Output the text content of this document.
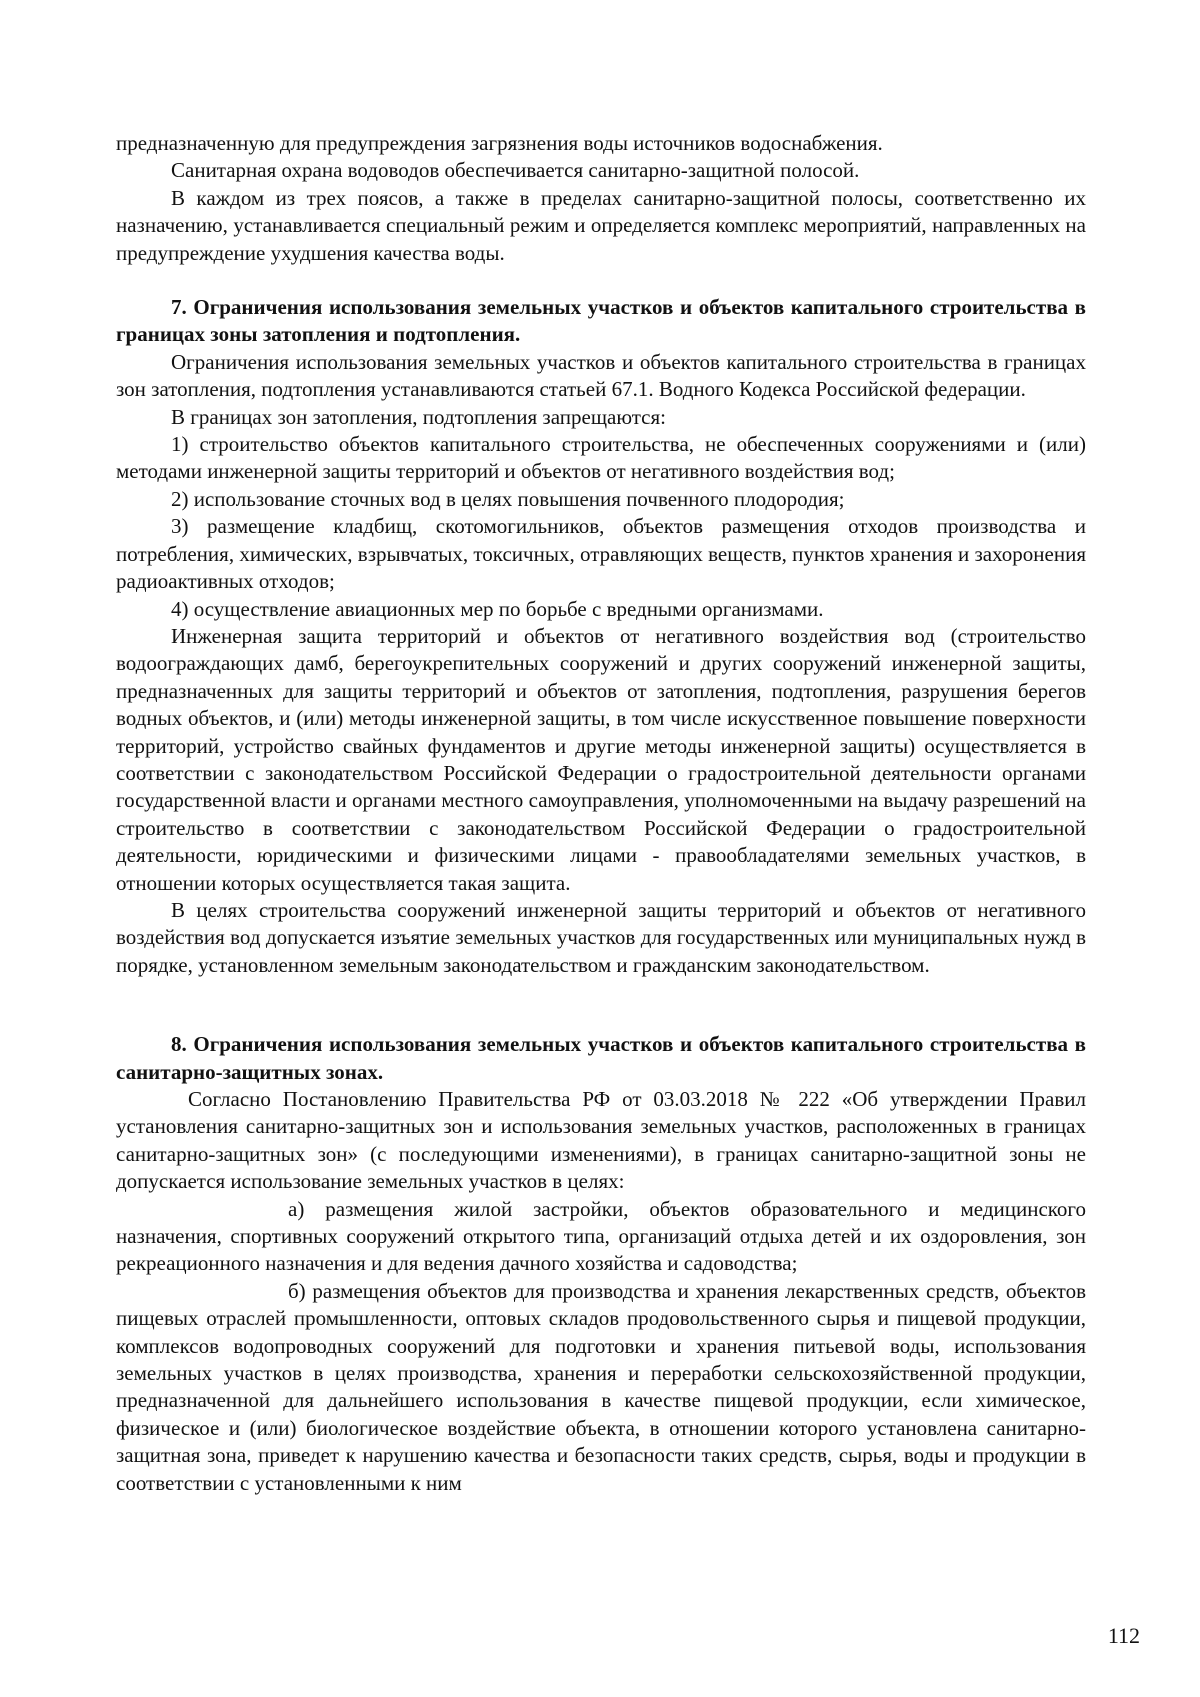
предназначенную для предупреждения загрязнения воды источников водоснабжения.

Санитарная охрана водоводов обеспечивается санитарно-защитной полосой.

В каждом из трех поясов, а также в пределах санитарно-защитной полосы, соответственно их назначению, устанавливается специальный режим и определяется комплекс мероприятий, направленных на предупреждение ухудшения качества воды.

7. Ограничения использования земельных участков и объектов капитального строительства в границах зоны затопления и подтопления.

Ограничения использования земельных участков и объектов капитального строительства в границах зон затопления, подтопления устанавливаются статьей 67.1. Водного Кодекса Российской федерации.

В границах зон затопления, подтопления запрещаются:

1) строительство объектов капитального строительства, не обеспеченных сооружениями и (или) методами инженерной защиты территорий и объектов от негативного воздействия вод;

2) использование сточных вод в целях повышения почвенного плодородия;

3) размещение кладбищ, скотомогильников, объектов размещения отходов производства и потребления, химических, взрывчатых, токсичных, отравляющих веществ, пунктов хранения и захоронения радиоактивных отходов;

4) осуществление авиационных мер по борьбе с вредными организмами.

Инженерная защита территорий и объектов от негативного воздействия вод (строительство водоограждающих дамб, берегоукрепительных сооружений и других сооружений инженерной защиты, предназначенных для защиты территорий и объектов от затопления, подтопления, разрушения берегов водных объектов, и (или) методы инженерной защиты, в том числе искусственное повышение поверхности территорий, устройство свайных фундаментов и другие методы инженерной защиты) осуществляется в соответствии с законодательством Российской Федерации о градостроительной деятельности органами государственной власти и органами местного самоуправления, уполномоченными на выдачу разрешений на строительство в соответствии с законодательством Российской Федерации о градостроительной деятельности, юридическими и физическими лицами - правообладателями земельных участков, в отношении которых осуществляется такая защита.

В целях строительства сооружений инженерной защиты территорий и объектов от негативного воздействия вод допускается изъятие земельных участков для государственных или муниципальных нужд в порядке, установленном земельным законодательством и гражданским законодательством.

8. Ограничения использования земельных участков и объектов капитального строительства в санитарно-защитных зонах.

Согласно Постановлению Правительства РФ от 03.03.2018 № 222 «Об утверждении Правил установления санитарно-защитных зон и использования земельных участков, расположенных в границах санитарно-защитных зон» (с последующими изменениями), в границах санитарно-защитной зоны не допускается использование земельных участков в целях:

а) размещения жилой застройки, объектов образовательного и медицинского назначения, спортивных сооружений открытого типа, организаций отдыха детей и их оздоровления, зон рекреационного назначения и для ведения дачного хозяйства и садоводства;

б) размещения объектов для производства и хранения лекарственных средств, объектов пищевых отраслей промышленности, оптовых складов продовольственного сырья и пищевой продукции, комплексов водопроводных сооружений для подготовки и хранения питьевой воды, использования земельных участков в целях производства, хранения и переработки сельскохозяйственной продукции, предназначенной для дальнейшего использования в качестве пищевой продукции, если химическое, физическое и (или) биологическое воздействие объекта, в отношении которого установлена санитарно-защитная зона, приведет к нарушению качества и безопасности таких средств, сырья, воды и продукции в соответствии с установленными к ним

112
